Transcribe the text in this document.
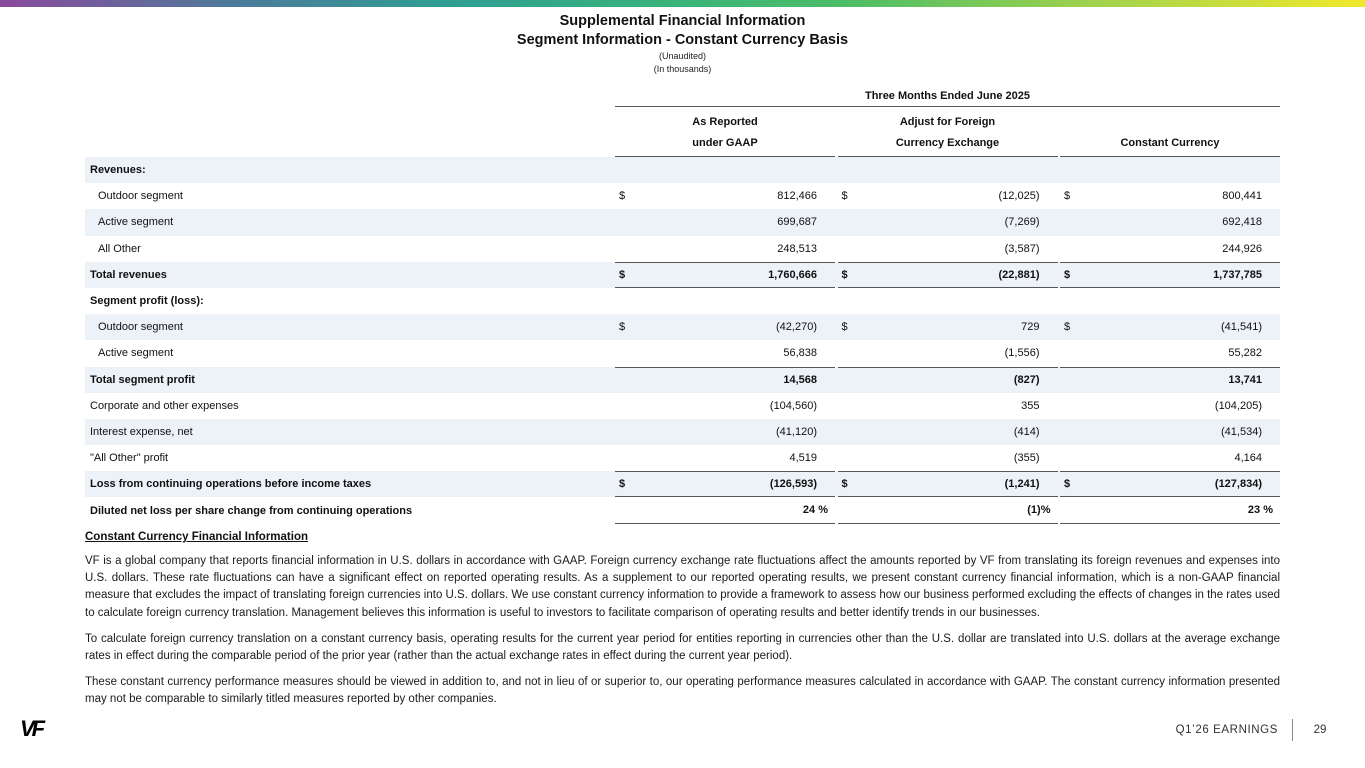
Supplemental Financial Information
Segment Information - Constant Currency Basis
(Unaudited)
(In thousands)
Three Months Ended June 2025
As Reported
under GAAP
Adjust for Foreign
Currency Exchange	Constant Currency
Revenues:
Outdoor segment	$	812,466	$	(12,025)	$	800,441
Active segment	699,687	(7,269)	692,418
All Other	248,513	(3,587)	244,926
Total revenues	$	1,760,666	$	(22,881)	$	1,737,785
Segment profit (loss):
Outdoor segment	$	(42,270)	$	729	$	(41,541)
Active segment	56,838	(1,556)	55,282
Total segment profit	14,568	(827)	13,741
Corporate and other expenses	(104,560)	355	(104,205)
Interest expense, net	(41,120)	(414)	(41,534)
"All Other" profit	4,519	(355)	4,164
Loss from continuing operations before income taxes	$	(126,593)	$	(1,241)	$	(127,834)
Diluted net loss per share change from continuing operations	24 %	(1)%	23 %
Constant Currency Financial Information

VF is a global company that reports financial information in U.S. dollars in accordance with GAAP. Foreign currency exchange rate fluctuations affect the amounts reported by VF from translating its foreign revenues and expenses into U.S. dollars. These rate fluctuations can have a significant effect on reported operating results. As a supplement to our reported operating results, we present constant currency financial information, which is a non-GAAP financial measure that excludes the impact of translating foreign currencies into U.S. dollars. We use constant currency information to provide a framework to assess how our business performed excluding the effects of changes in the rates used to calculate foreign currency translation. Management believes this information is useful to investors to facilitate comparison of operating results and better identify trends in our businesses.

To calculate foreign currency translation on a constant currency basis, operating results for the current year period for entities reporting in currencies other than the U.S. dollar are translated into U.S. dollars at the average exchange rates in effect during the comparable period of the prior year (rather than the actual exchange rates in effect during the current year period).

These constant currency performance measures should be viewed in addition to, and not in lieu of or superior to, our operating performance measures calculated in accordance with GAAP. The constant currency information presented may not be comparable to similarly titled measures reported by other companies.

VF	Q1’26 EARNINGS	29
